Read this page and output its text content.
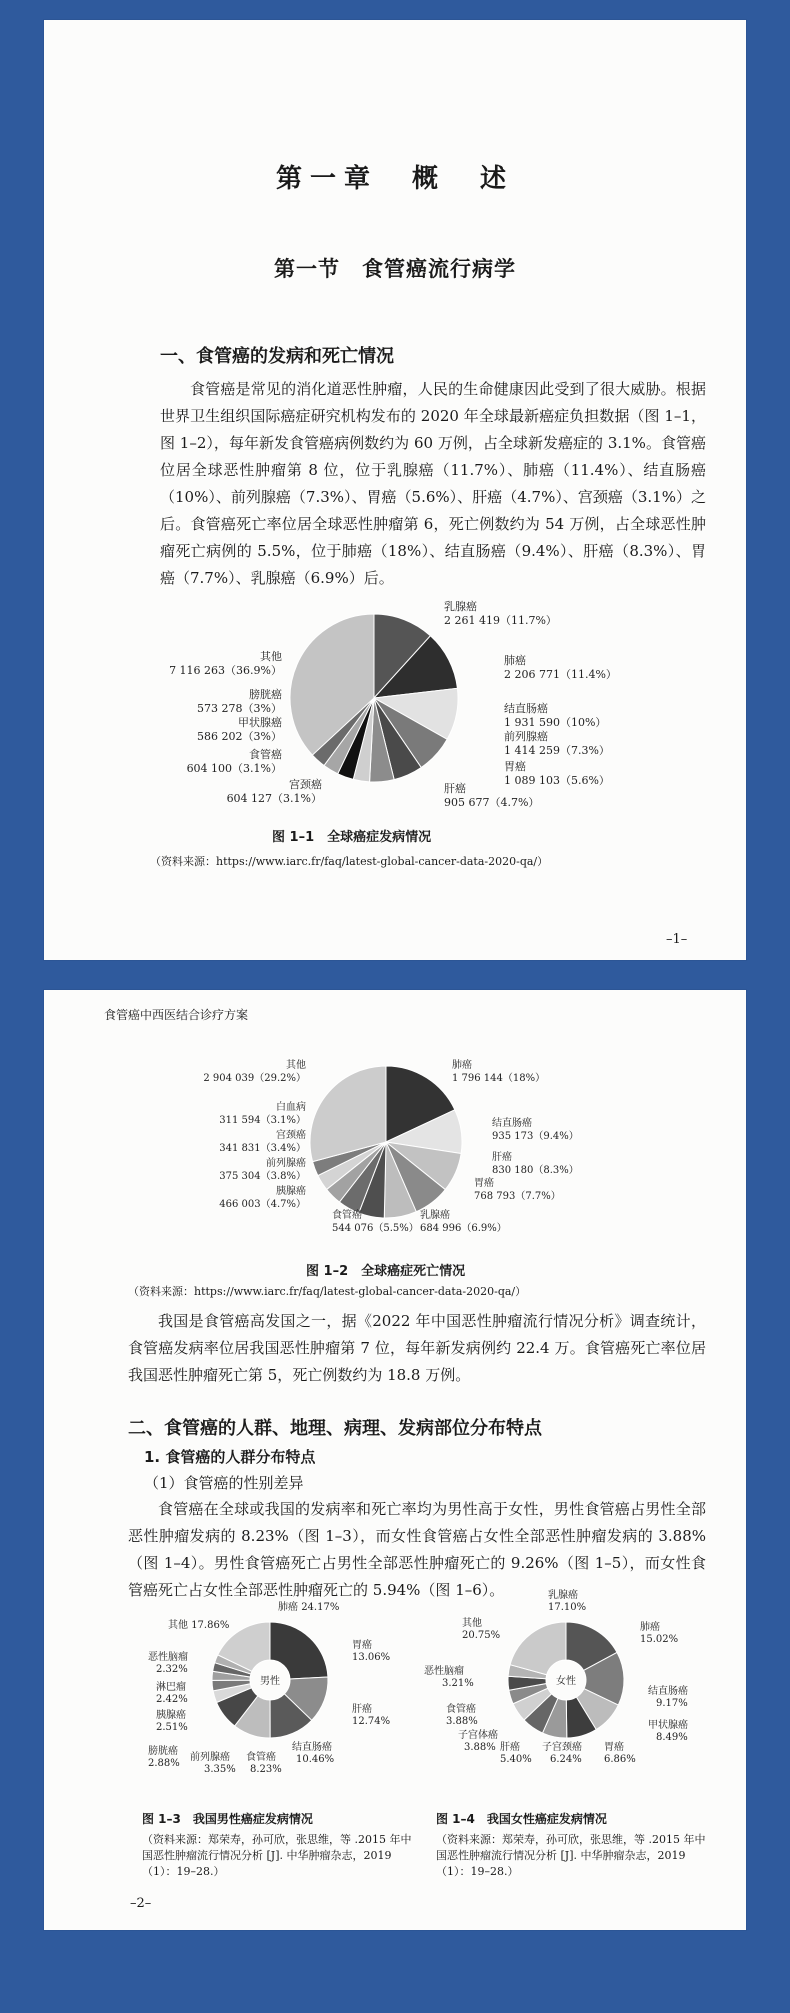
第一章　概　述
第一节　食管癌流行病学
一、食管癌的发病和死亡情况

食管癌是常见的消化道恶性肿瘤，人民的生命健康因此受到了很大威胁。根据世界卫生组织国际癌症研究机构发布的 2020 年全球最新癌症负担数据（图 1–1，图 1–2），每年新发食管癌病例数约为 60 万例，占全球新发癌症的 3.1%。食管癌位居全球恶性肿瘤第 8 位，位于乳腺癌（11.7%）、肺癌（11.4%）、结直肠癌（10%）、前列腺癌（7.3%）、胃癌（5.6%）、肝癌（4.7%）、宫颈癌（3.1%）之后。食管癌死亡率位居全球恶性肿瘤第 6，死亡例数约为 54 万例，占全球恶性肿瘤死亡病例的 5.5%，位于肺癌（18%）、结直肠癌（9.4%）、肝癌（8.3%）、胃癌（7.7%）、乳腺癌（6.9%）后。

乳腺癌 2 261 419（11.7%）
肺癌 2 206 771（11.4%）
结直肠癌 1 931 590（10%）
前列腺癌 1 414 259（7.3%）
胃癌 1 089 103（5.6%）
肝癌 905 677（4.7%）
宫颈癌 604 127（3.1%）
食管癌 604 100（3.1%）
甲状腺癌 586 202（3%）
膀胱癌 573 278（3%）
其他 7 116 263（36.9%）
图 1–1　全球癌症发病情况
（资料来源：https://www.iarc.fr/faq/latest-global-cancer-data-2020-qa/）
–1–
食管癌中西医结合诊疗方案
肺癌 1 796 144（18%）
结直肠癌 935 173（9.4%）
肝癌 830 180（8.3%）
胃癌 768 793（7.7%）
乳腺癌 684 996（6.9%）
食管癌 544 076（5.5%）
胰腺癌 466 003（4.7%）
前列腺癌 375 304（3.8%）
宫颈癌 341 831（3.4%）
白血病 311 594（3.1%）
其他 2 904 039（29.2%）
图 1–2　全球癌症死亡情况
（资料来源：https://www.iarc.fr/faq/latest-global-cancer-data-2020-qa/）

我国是食管癌高发国之一，据《2022 年中国恶性肿瘤流行情况分析》调查统计，食管癌发病率位居我国恶性肿瘤第 7 位，每年新发病例约 22.4 万。食管癌死亡率位居我国恶性肿瘤死亡第 5，死亡例数约为 18.8 万例。

二、食管癌的人群、地理、病理、发病部位分布特点
1. 食管癌的人群分布特点
（1）食管癌的性别差异

食管癌在全球或我国的发病率和死亡率均为男性高于女性，男性食管癌占男性全部恶性肿瘤发病的 8.23%（图 1–3），而女性食管癌占女性全部恶性肿瘤发病的 3.88%（图 1–4）。男性食管癌死亡占男性全部恶性肿瘤死亡的 9.26%（图 1–5），而女性食管癌死亡占女性全部恶性肿瘤死亡的 5.94%（图 1–6）。

男性
肺癌 24.17%
胃癌 13.06%
肝癌 12.74%
结直肠癌 10.46%
食管癌 8.23%
前列腺癌 3.35%
膀胱癌 2.88%
胰腺癌 2.51%
淋巴瘤 2.42%
恶性脑瘤 2.32%
其他 17.86%
女性
乳腺癌 17.10%
肺癌 15.02%
结直肠癌 9.17%
甲状腺癌 8.49%
胃癌 6.86%
子宫颈癌 6.24%
肝癌 5.40%
子宫体癌 3.88%
食管癌 3.88%
恶性脑瘤 3.21%
其他 20.75%
图 1–3　我国男性癌症发病情况	图 1–4　我国女性癌症发病情况
（资料来源：郑荣寿，孙可欣，张思维，等 .2015 年中国恶性肿瘤流行情况分析 [J]. 中华肿瘤杂志，2019（1）：19–28.）
（资料来源：郑荣寿，孙可欣，张思维，等 .2015 年中国恶性肿瘤流行情况分析 [J]. 中华肿瘤杂志，2019（1）：19–28.）
–2–
